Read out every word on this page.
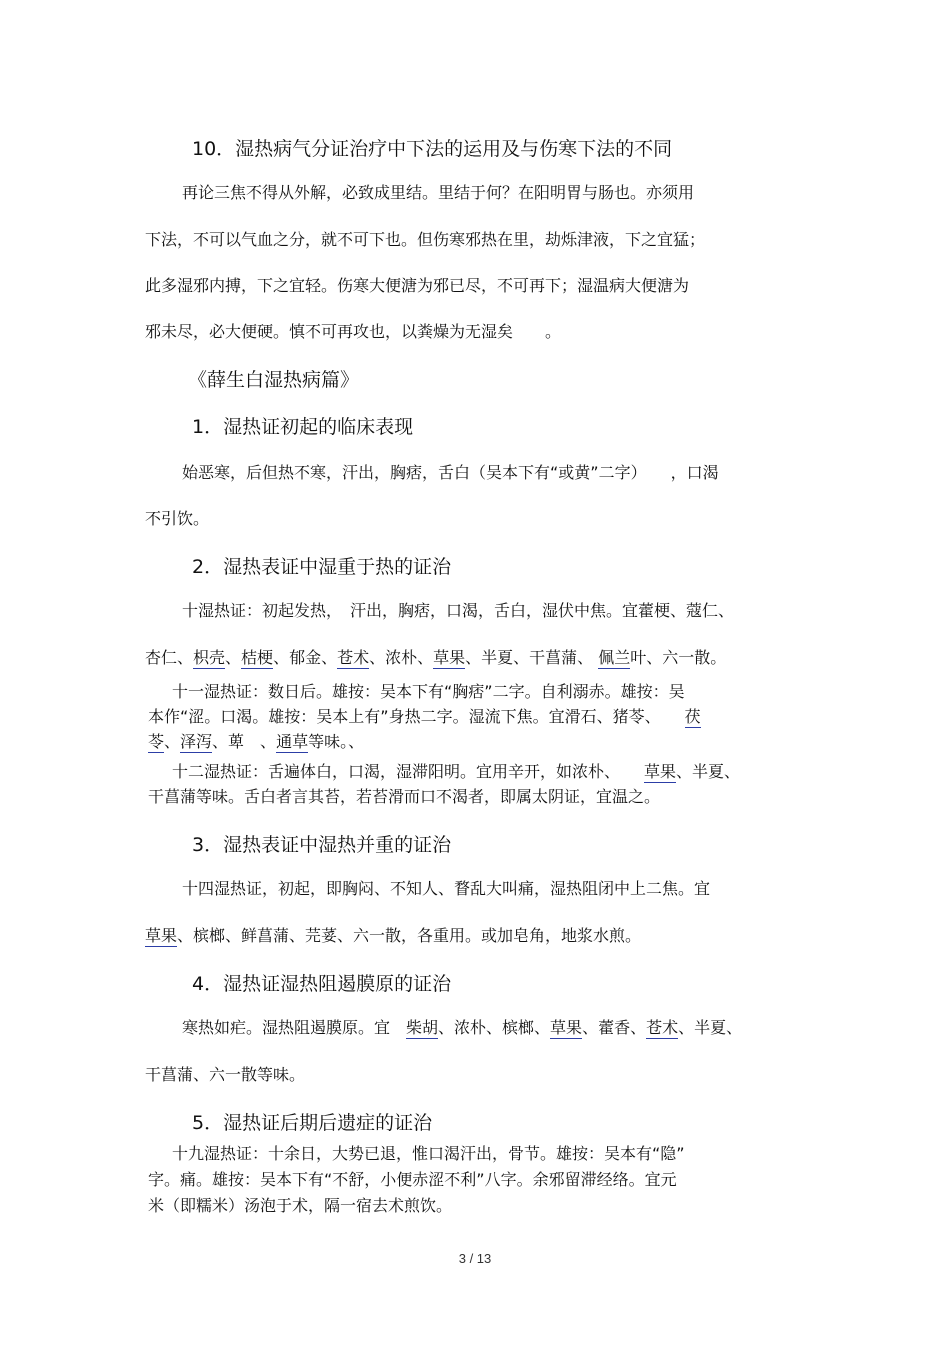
10．湿热病气分证治疗中下法的运用及与伤寒下法的不同

再论三焦不得从外解，必致成里结。里结于何？在阳明胃与肠也。亦须用

下法，不可以气血之分，就不可下也。但伤寒邪热在里，劫烁津液，下之宜猛；

此多湿邪内搏，下之宜轻。伤寒大便溏为邪已尽，不可再下；湿温病大便溏为

邪未尽，必大便硬。慎不可再攻也，以粪燥为无湿矣　　。

《薛生白湿热病篇》

1．湿热证初起的临床表现

始恶寒，后但热不寒，汗出，胸痞，舌白（吴本下有“或黄”二字）　　，口渴

不引饮。

2．湿热表证中湿重于热的证治

十湿热证：初起发热，　汗出，胸痞，口渴，舌白，湿伏中焦。宜藿梗、蔻仁、

杏仁、枳壳、桔梗、郁金、苍术、浓朴、草果、半夏、干菖蒲、 佩兰叶、六一散。

十一湿热证：数日后。雄按：吴本下有“胸痞”二字。自利溺赤。雄按：吴

本作“涩。口渴。雄按：吴本上有”身热二字。湿流下焦。宜滑石、猪苓、　　茯

苓、泽泻、萆　、通草等味。、

十二湿热证：舌遍体白，口渴，湿滞阳明。宜用辛开，如浓朴、　　草果、半夏、

干菖蒲等味。舌白者言其苔，若苔滑而口不渴者，即属太阴证，宜温之。

3．湿热表证中湿热并重的证治

十四湿热证，初起，即胸闷、不知人、瞀乱大叫痛，湿热阻闭中上二焦。宜

草果、槟榔、鲜菖蒲、芫荽、六一散，各重用。或加皂角，地浆水煎。

4．湿热证湿热阻遏膜原的证治

寒热如疟。湿热阻遏膜原。宜　柴胡、浓朴、槟榔、草果、藿香、苍术、半夏、

干菖蒲、六一散等味。

5．湿热证后期后遗症的证治

十九湿热证：十余日，大势已退，惟口渴汗出，骨节。雄按：吴本有“隐”

字。痛。雄按：吴本下有“不舒，小便赤涩不利”八字。余邪留滞经络。宜元

米（即糯米）汤泡于术，隔一宿去术煎饮。

3 / 13
